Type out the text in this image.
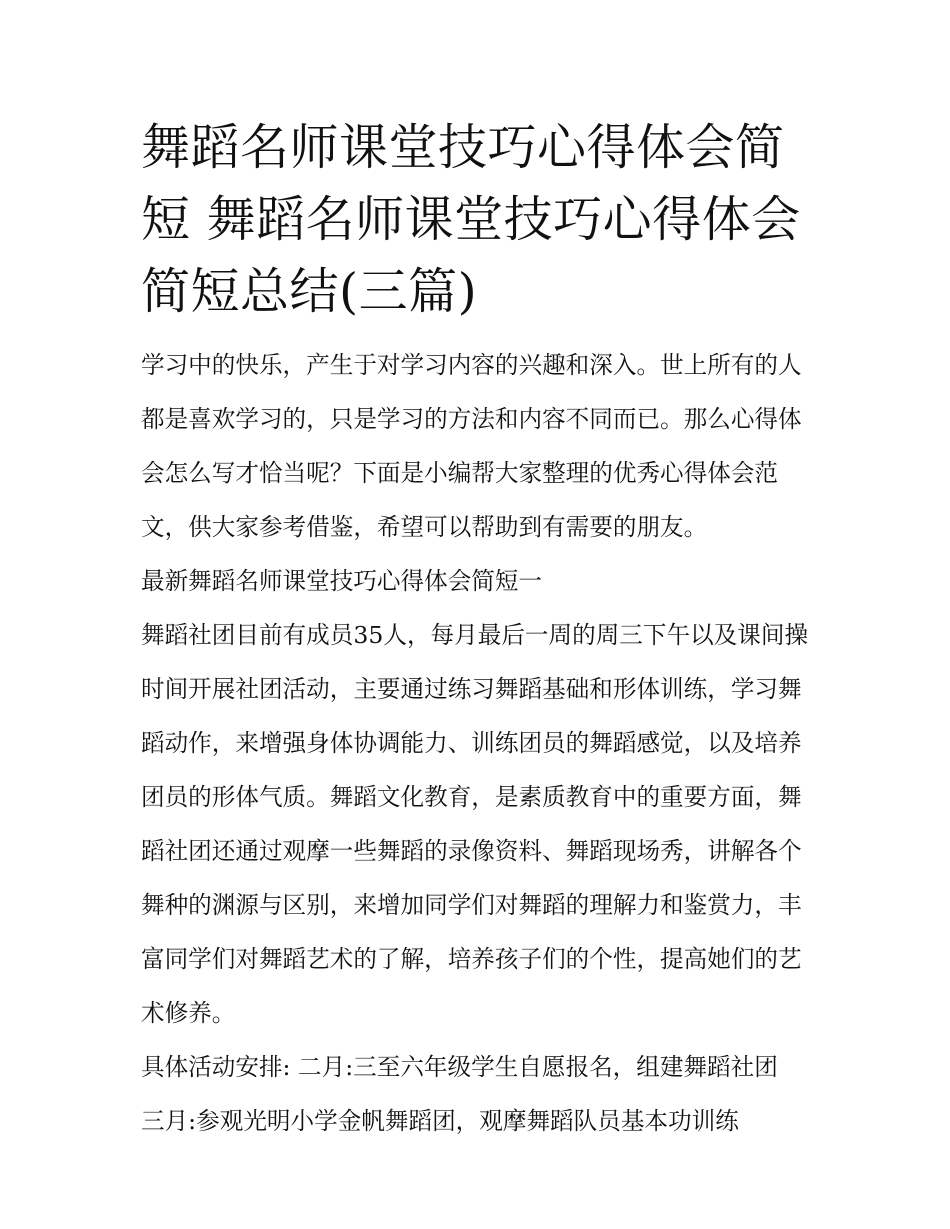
舞蹈名师课堂技巧心得体会简短 舞蹈名师课堂技巧心得体会简短总结(三篇)

学习中的快乐，产生于对学习内容的兴趣和深入。世上所有的人都是喜欢学习的，只是学习的方法和内容不同而已。那么心得体会怎么写才恰当呢？下面是小编帮大家整理的优秀心得体会范文，供大家参考借鉴，希望可以帮助到有需要的朋友。

最新舞蹈名师课堂技巧心得体会简短一

舞蹈社团目前有成员35人，每月最后一周的周三下午以及课间操时间开展社团活动，主要通过练习舞蹈基础和形体训练，学习舞蹈动作，来增强身体协调能力、训练团员的舞蹈感觉，以及培养团员的形体气质。舞蹈文化教育，是素质教育中的重要方面，舞蹈社团还通过观摩一些舞蹈的录像资料、舞蹈现场秀，讲解各个舞种的渊源与区别，来增加同学们对舞蹈的理解力和鉴赏力，丰富同学们对舞蹈艺术的了解，培养孩子们的个性，提高她们的艺术修养。

具体活动安排: 二月:三至六年级学生自愿报名，组建舞蹈社团

三月:参观光明小学金帆舞蹈团，观摩舞蹈队员基本功训练
